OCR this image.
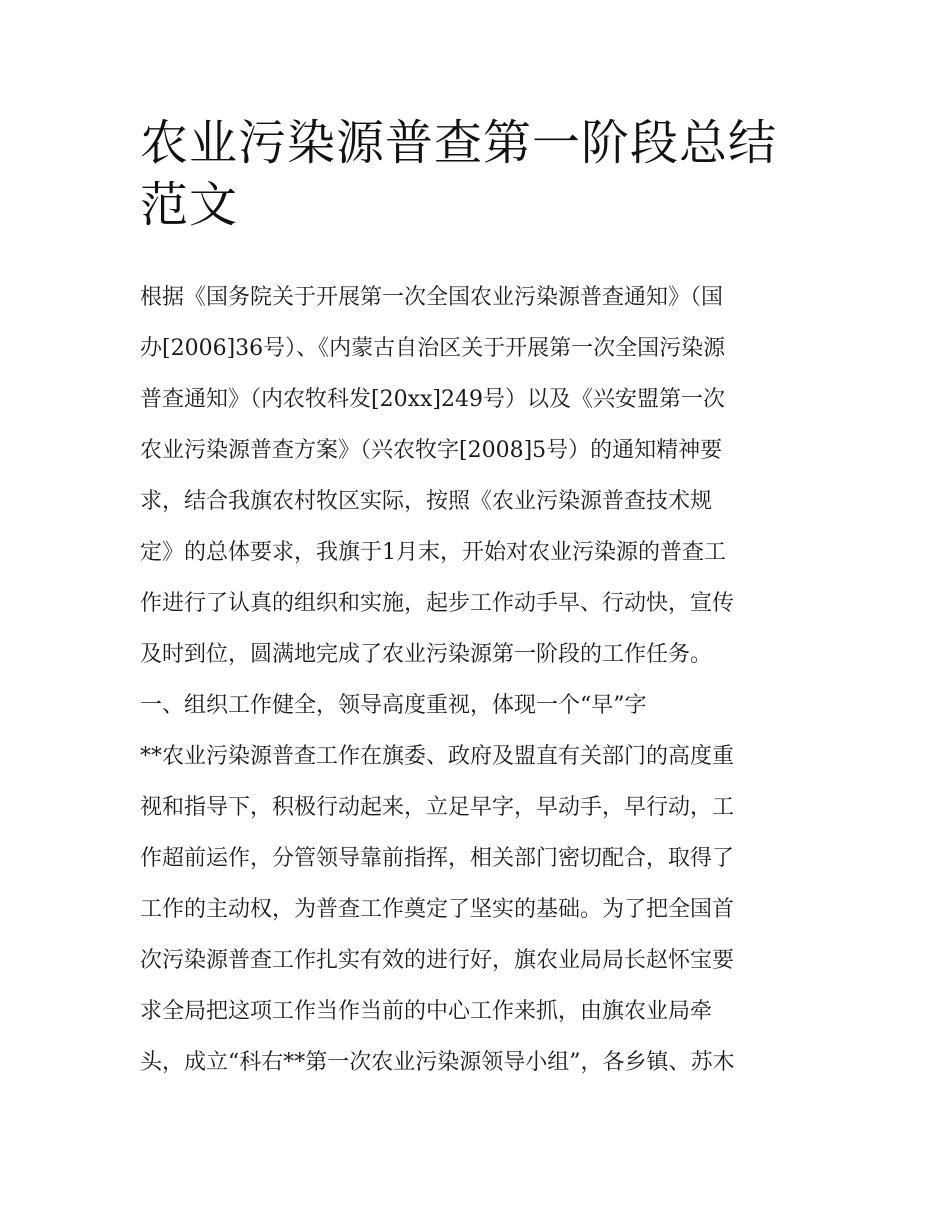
农业污染源普查第一阶段总结
范文

根据《国务院关于开展第一次全国农业污染源普查通知》（国
办[2006]36号）、《内蒙古自治区关于开展第一次全国污染源
普查通知》（内农牧科发[20xx]249号）以及《兴安盟第一次
农业污染源普查方案》（兴农牧字[2008]5号）的通知精神要
求，结合我旗农村牧区实际，按照《农业污染源普查技术规
定》的总体要求，我旗于1月末，开始对农业污染源的普查工
作进行了认真的组织和实施，起步工作动手早、行动快，宣传
及时到位，圆满地完成了农业污染源第一阶段的工作任务。

一、组织工作健全，领导高度重视，体现一个“早”字

**农业污染源普查工作在旗委、政府及盟直有关部门的高度重
视和指导下，积极行动起来，立足早字，早动手，早行动，工
作超前运作，分管领导靠前指挥，相关部门密切配合，取得了
工作的主动权，为普查工作奠定了坚实的基础。为了把全国首
次污染源普查工作扎实有效的进行好，旗农业局局长赵怀宝要
求全局把这项工作当作当前的中心工作来抓，由旗农业局牵
头，成立“科右**第一次农业污染源领导小组”，各乡镇、苏木
